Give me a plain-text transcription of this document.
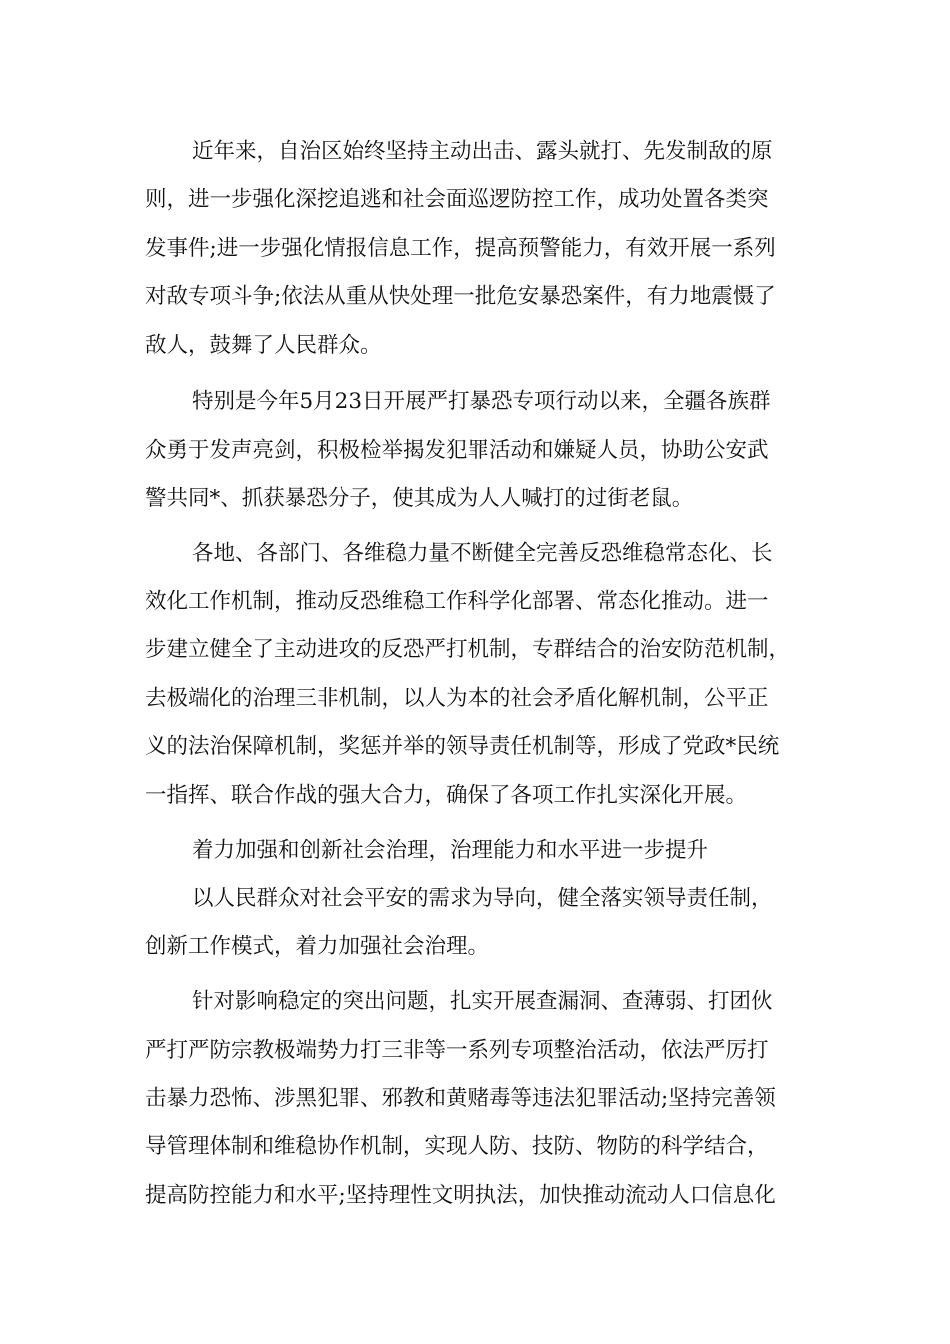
近年来，自治区始终坚持主动出击、露头就打、先发制敌的原
则，进一步强化深挖追逃和社会面巡逻防控工作，成功处置各类突
发事件;进一步强化情报信息工作，提高预警能力，有效开展一系列
对敌专项斗争;依法从重从快处理一批危安暴恐案件，有力地震慑了
敌人，鼓舞了人民群众。
特别是今年5月23日开展严打暴恐专项行动以来，全疆各族群
众勇于发声亮剑，积极检举揭发犯罪活动和嫌疑人员，协助公安武
警共同*、抓获暴恐分子，使其成为人人喊打的过街老鼠。
各地、各部门、各维稳力量不断健全完善反恐维稳常态化、长
效化工作机制，推动反恐维稳工作科学化部署、常态化推动。进一
步建立健全了主动进攻的反恐严打机制，专群结合的治安防范机制，
去极端化的治理三非机制，以人为本的社会矛盾化解机制，公平正
义的法治保障机制，奖惩并举的领导责任机制等，形成了党政*民统
一指挥、联合作战的强大合力，确保了各项工作扎实深化开展。
着力加强和创新社会治理，治理能力和水平进一步提升
以人民群众对社会平安的需求为导向，健全落实领导责任制，
创新工作模式，着力加强社会治理。
针对影响稳定的突出问题，扎实开展查漏洞、查薄弱、打团伙
严打严防宗教极端势力打三非等一系列专项整治活动，依法严厉打
击暴力恐怖、涉黑犯罪、邪教和黄赌毒等违法犯罪活动;坚持完善领
导管理体制和维稳协作机制，实现人防、技防、物防的科学结合，
提高防控能力和水平;坚持理性文明执法，加快推动流动人口信息化
